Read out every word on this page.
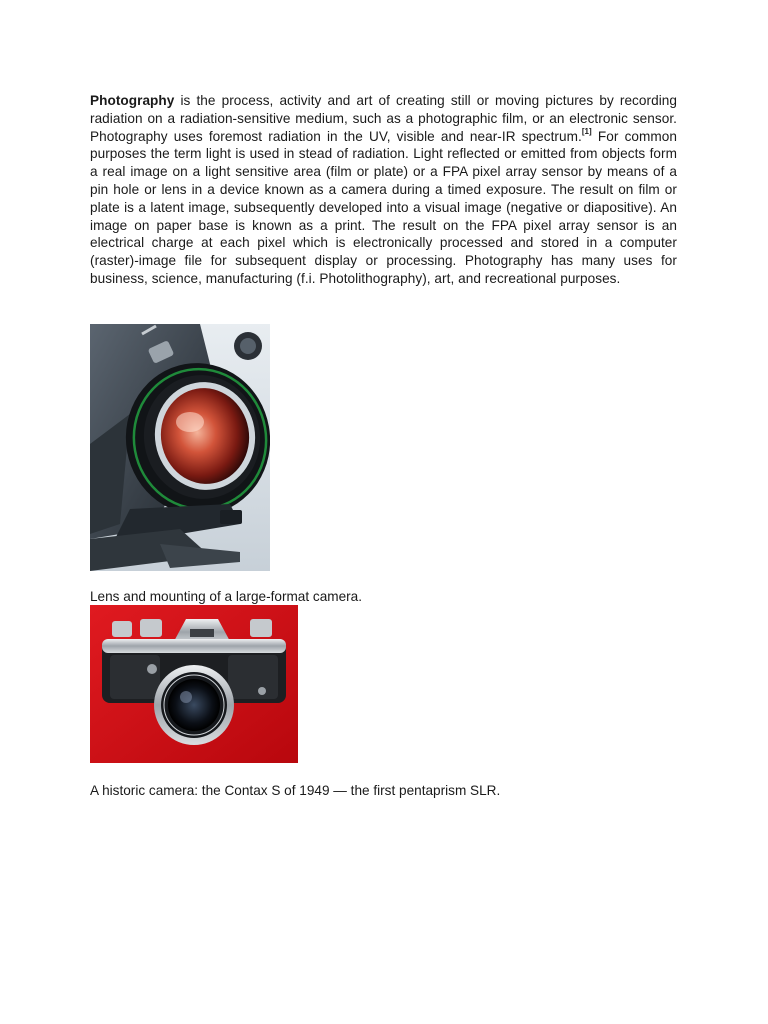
Photography is the process, activity and art of creating still or moving pictures by recording radiation on a radiation-sensitive medium, such as a photographic film, or an electronic sensor. Photography uses foremost radiation in the UV, visible and near-IR spectrum.[1] For common purposes the term light is used in stead of radiation. Light reflected or emitted from objects form a real image on a light sensitive area (film or plate) or a FPA pixel array sensor by means of a pin hole or lens in a device known as a camera during a timed exposure. The result on film or plate is a latent image, subsequently developed into a visual image (negative or diapositive). An image on paper base is known as a print. The result on the FPA pixel array sensor is an electrical charge at each pixel which is electronically processed and stored in a computer (raster)-image file for subsequent display or processing. Photography has many uses for business, science, manufacturing (f.i. Photolithography), art, and recreational purposes.

Lens and mounting of a large-format camera.
A historic camera: the Contax S of 1949 — the first pentaprism SLR.
